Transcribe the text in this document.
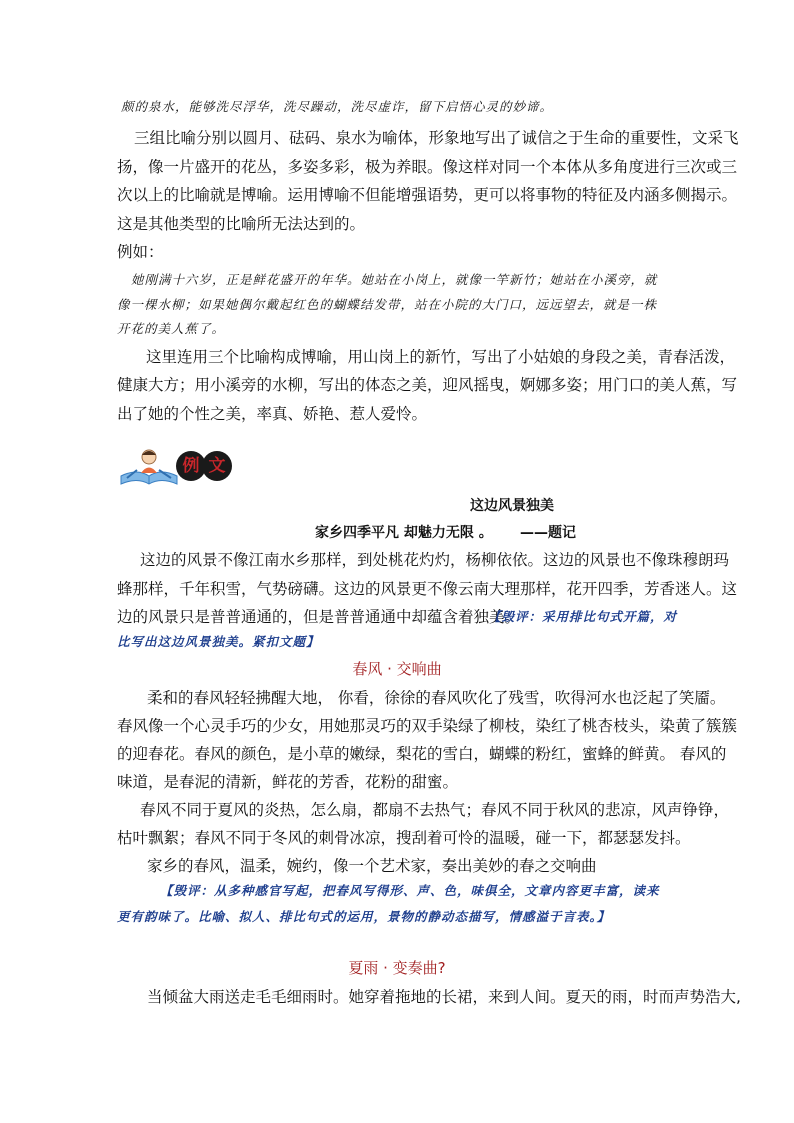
颇的泉水，能够洗尽浮华，洗尽躁动，洗尽虚诈，留下启悟心灵的妙谛。
三组比喻分别以圆月、砝码、泉水为喻体，形象地写出了诚信之于生命的重要性，文采飞
扬，像一片盛开的花丛，多姿多彩，极为养眼。像这样对同一个本体从多角度进行三次或三
次以上的比喻就是博喻。运用博喻不但能增强语势，更可以将事物的特征及内涵多侧揭示。
这是其他类型的比喻所无法达到的。
例如：
她刚满十六岁，正是鲜花盛开的年华。她站在小岗上，就像一竿新竹；她站在小溪旁，就
像一棵水柳；如果她偶尔戴起红色的蝴蝶结发带，站在小院的大门口，远远望去，就是一株
开花的美人蕉了。
这里连用三个比喻构成博喻，用山岗上的新竹，写出了小姑娘的身段之美，青春活泼，
健康大方；用小溪旁的水柳，写出的体态之美，迎风摇曳，婀娜多姿；用门口的美人蕉，写
出了她的个性之美，率真、娇艳、惹人爱怜。
例 文
这边风景独美
家乡四季平凡 却魅力无限 。 ——题记
这边的风景不像江南水乡那样，到处桃花灼灼，杨柳依依。这边的风景也不像珠穆朗玛
蜂那样，千年积雪，气势磅礴。这边的风景更不像云南大理那样，花开四季，芳香迷人。这
边的风景只是普普通通的，但是普普通通中却蕴含着独美。
【毁评：采用排比句式开篇，对
比写出这边风景独美。紧扣文题】
春风 · 交响曲
柔和的春风轻轻拂醒大地， 你看，徐徐的春风吹化了残雪，吹得河水也泛起了笑靥。
春风像一个心灵手巧的少女，用她那灵巧的双手染绿了柳枝，染红了桃杏枝头，染黄了簇簇
的迎春花。春风的颜色，是小草的嫩绿，梨花的雪白，蝴蝶的粉红，蜜蜂的鲜黄。 春风的
味道，是春泥的清新，鲜花的芳香，花粉的甜蜜。
春风不同于夏风的炎热，怎么扇，都扇不去热气；春风不同于秋风的悲凉，风声铮铮，
枯叶飘絮；春风不同于冬风的刺骨冰凉，搜刮着可怜的温暖，碰一下，都瑟瑟发抖。
家乡的春风，温柔，婉约，像一个艺术家，奏出美妙的春之交响曲
【毁评：从多种感官写起，把春风写得形、声、色，味俱全，文章内容更丰富，读来
更有韵味了。比喻、拟人、排比句式的运用，景物的静动态描写，情感溢于言表。】
夏雨 · 变奏曲?
当倾盆大雨送走毛毛细雨时。她穿着拖地的长裙，来到人间。夏天的雨，时而声势浩大,
